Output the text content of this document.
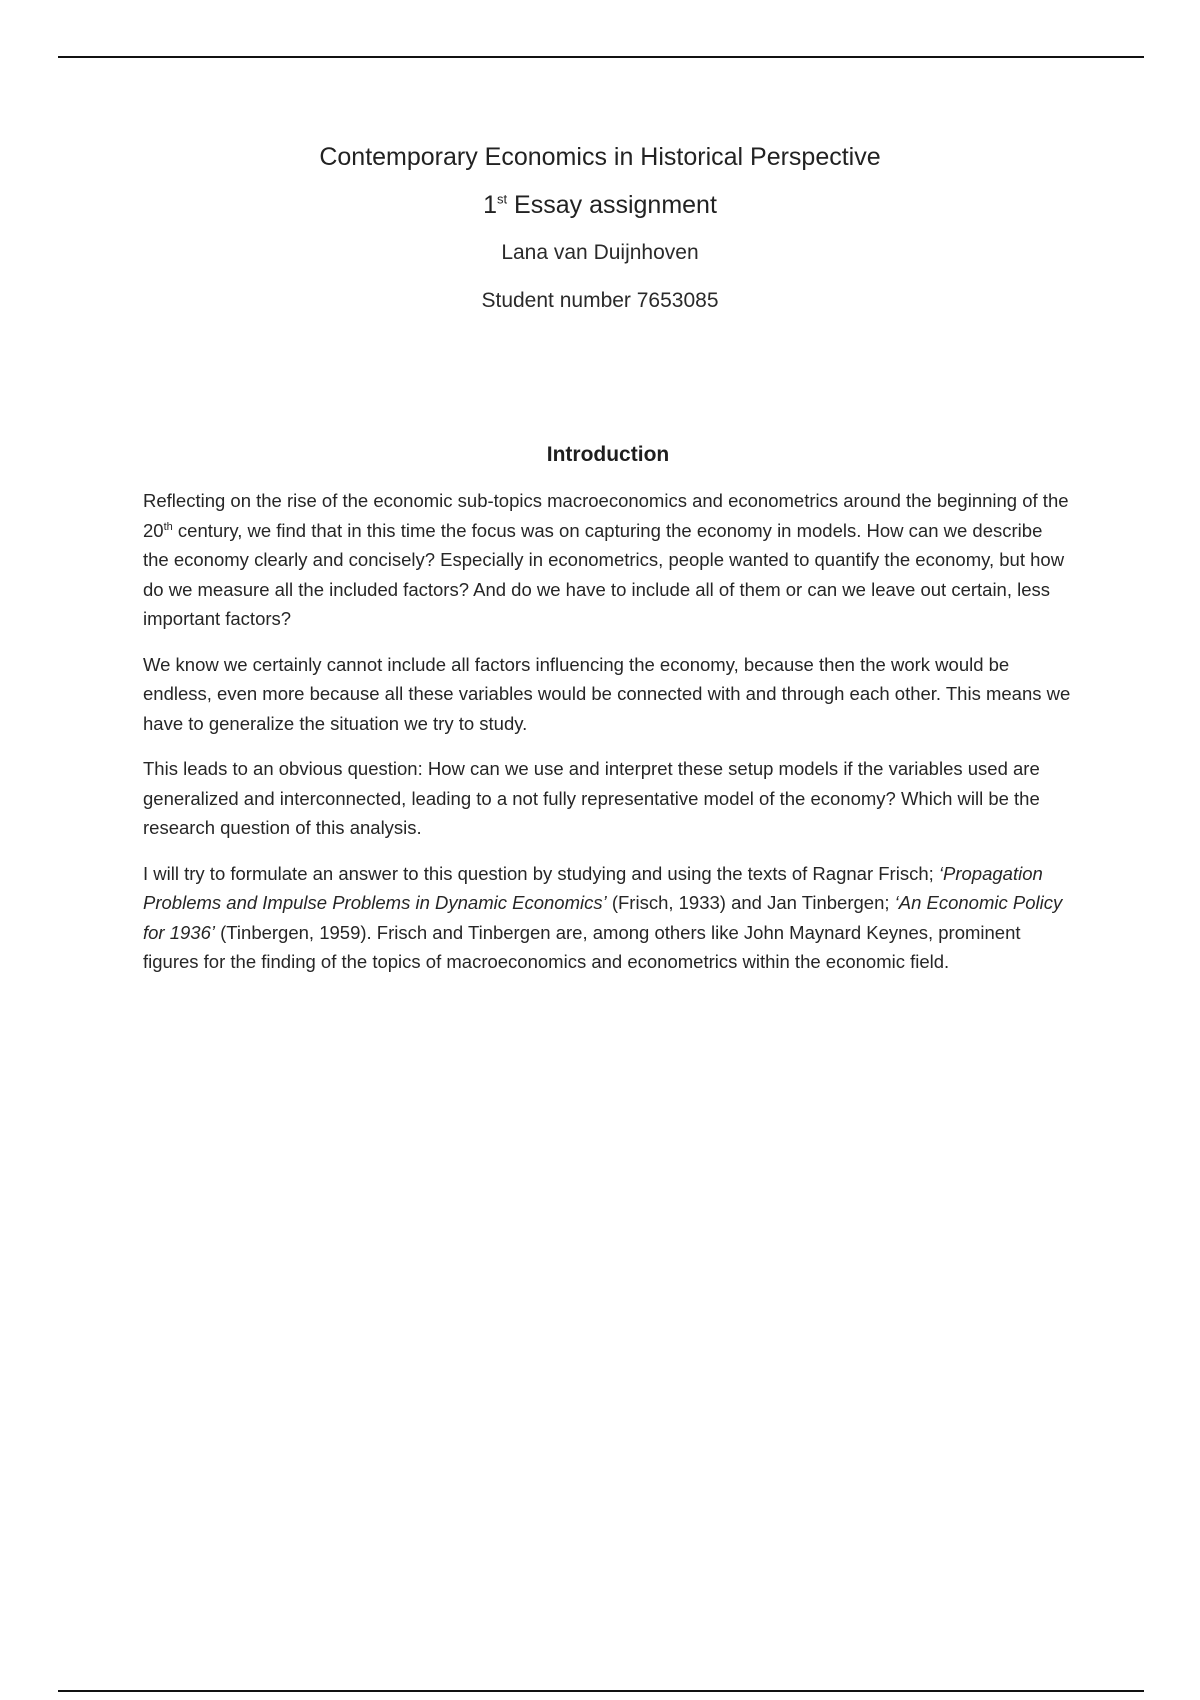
Contemporary Economics in Historical Perspective
1st Essay assignment
Lana van Duijnhoven
Student number 7653085
Introduction

Reflecting on the rise of the economic sub-topics macroeconomics and econometrics around the beginning of the 20th century, we find that in this time the focus was on capturing the economy in models. How can we describe the economy clearly and concisely? Especially in econometrics, people wanted to quantify the economy, but how do we measure all the included factors? And do we have to include all of them or can we leave out certain, less important factors?

We know we certainly cannot include all factors influencing the economy, because then the work would be endless, even more because all these variables would be connected with and through each other. This means we have to generalize the situation we try to study.

This leads to an obvious question: How can we use and interpret these setup models if the variables used are generalized and interconnected, leading to a not fully representative model of the economy? Which will be the research question of this analysis.

I will try to formulate an answer to this question by studying and using the texts of Ragnar Frisch; ‘Propagation Problems and Impulse Problems in Dynamic Economics’ (Frisch, 1933) and Jan Tinbergen; ‘An Economic Policy for 1936’ (Tinbergen, 1959). Frisch and Tinbergen are, among others like John Maynard Keynes, prominent figures for the finding of the topics of macroeconomics and econometrics within the economic field.
